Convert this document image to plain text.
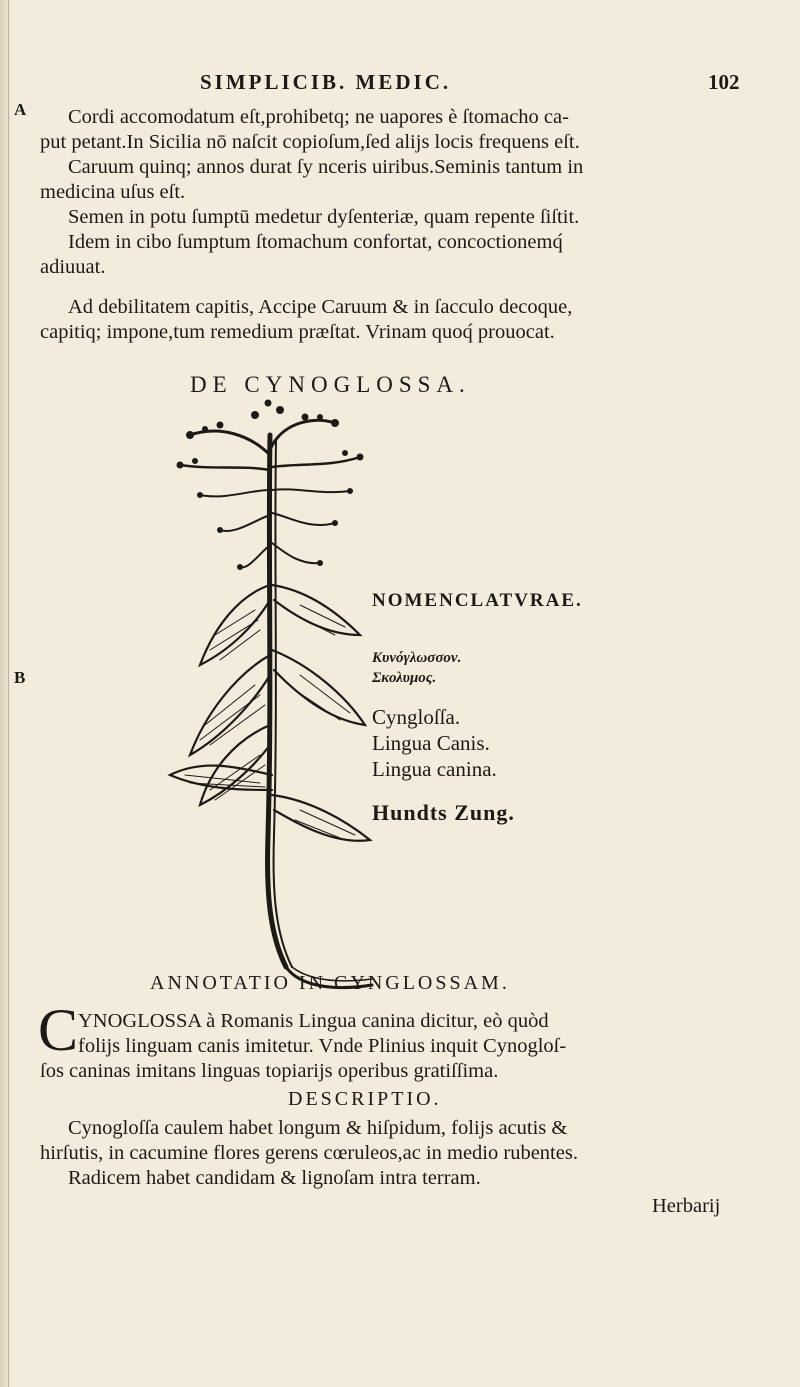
SIMPLICIB. MEDIC.	102
A
B
Cordi accomodatum eſt,prohibetq; ne uapores è ſtomacho ca-
put petant.In Sicilia nō naſcit copioſum,ſed alijs locis frequens eſt.
Caruum quinq; annos durat ſy nceris uiribus.Seminis tantum in
medicina uſus eſt.
Semen in potu ſumptū medetur dyſenteriæ, quam repente ſiſtit.
Idem in cibo ſumptum ſtomachum confortat, concoctionemq́
adiuuat.
Ad debilitatem capitis, Accipe Caruum & in ſacculo decoque,
capitiq; impone,tum remedium præſtat. Vrinam quoq́ prouocat.
DE CYNOGLOSSA.
NOMENCLATVRAE.
Κυνόγλωσσον.
Σκολυμος.
Cyngloſſa.
Lingua Canis.
Lingua canina.
Hundts Zung.
ANNOTATIO IN CYNGLOSSAM.
C YNOGLOSSA à Romanis Lingua canina dicitur, eò quòd
folijs linguam canis imitetur. Vnde Plinius inquit Cynogloſ-
ſos caninas imitans linguas topiarijs operibus gratiſſima.
DESCRIPTIO.
Cynogloſſa caulem habet longum & hiſpidum, folijs acutis &
hirſutis, in cacumine flores gerens cœruleos,ac in medio rubentes.
Radicem habet candidam & lignoſam intra terram.
Herbarij
